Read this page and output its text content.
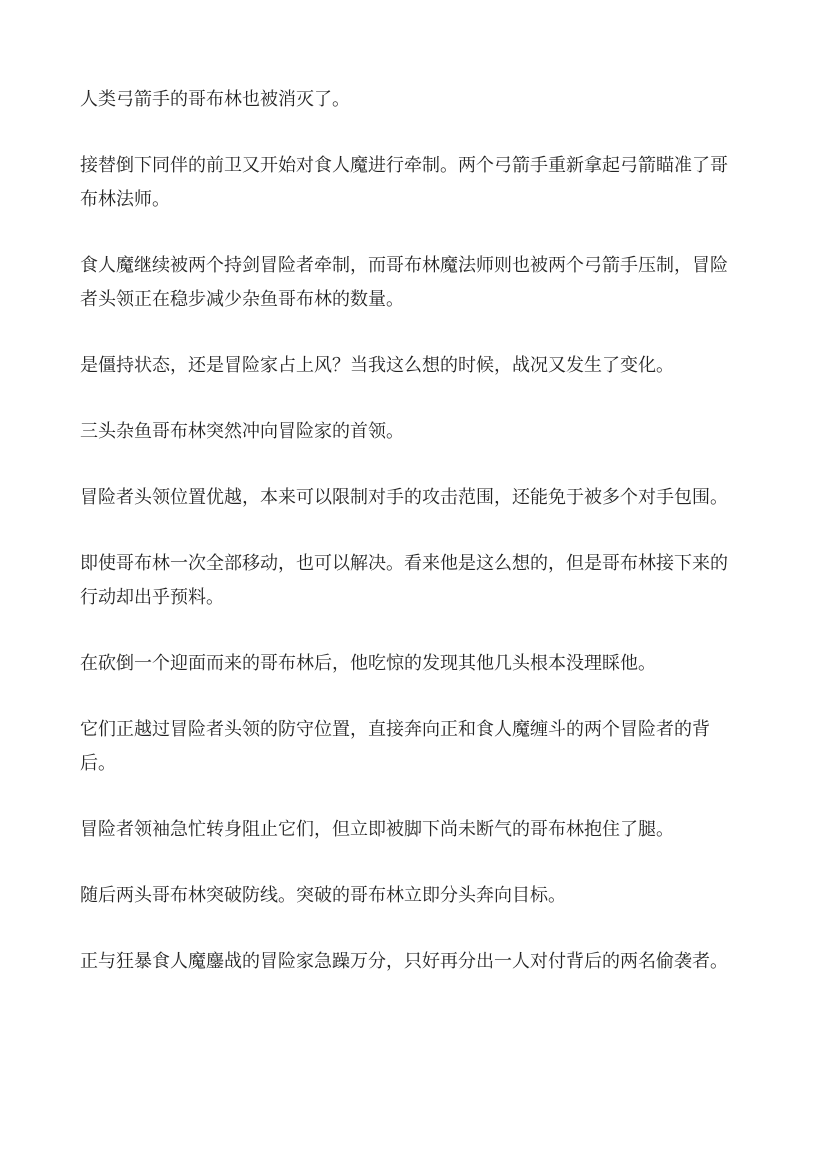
人类弓箭手的哥布林也被消灭了。

接替倒下同伴的前卫又开始对食人魔进行牵制。两个弓箭手重新拿起弓箭瞄准了哥布林法师。

食人魔继续被两个持剑冒险者牵制，而哥布林魔法师则也被两个弓箭手压制，冒险者头领正在稳步减少杂鱼哥布林的数量。

是僵持状态，还是冒险家占上风？当我这么想的时候，战况又发生了变化。

三头杂鱼哥布林突然冲向冒险家的首领。

冒险者头领位置优越，本来可以限制对手的攻击范围，还能免于被多个对手包围。

即使哥布林一次全部移动，也可以解决。看来他是这么想的，但是哥布林接下来的行动却出乎预料。

在砍倒一个迎面而来的哥布林后，他吃惊的发现其他几头根本没理睬他。

它们正越过冒险者头领的防守位置，直接奔向正和食人魔缠斗的两个冒险者的背后。

冒险者领袖急忙转身阻止它们，但立即被脚下尚未断气的哥布林抱住了腿。

随后两头哥布林突破防线。突破的哥布林立即分头奔向目标。

正与狂暴食人魔鏖战的冒险家急躁万分，只好再分出一人对付背后的两名偷袭者。
